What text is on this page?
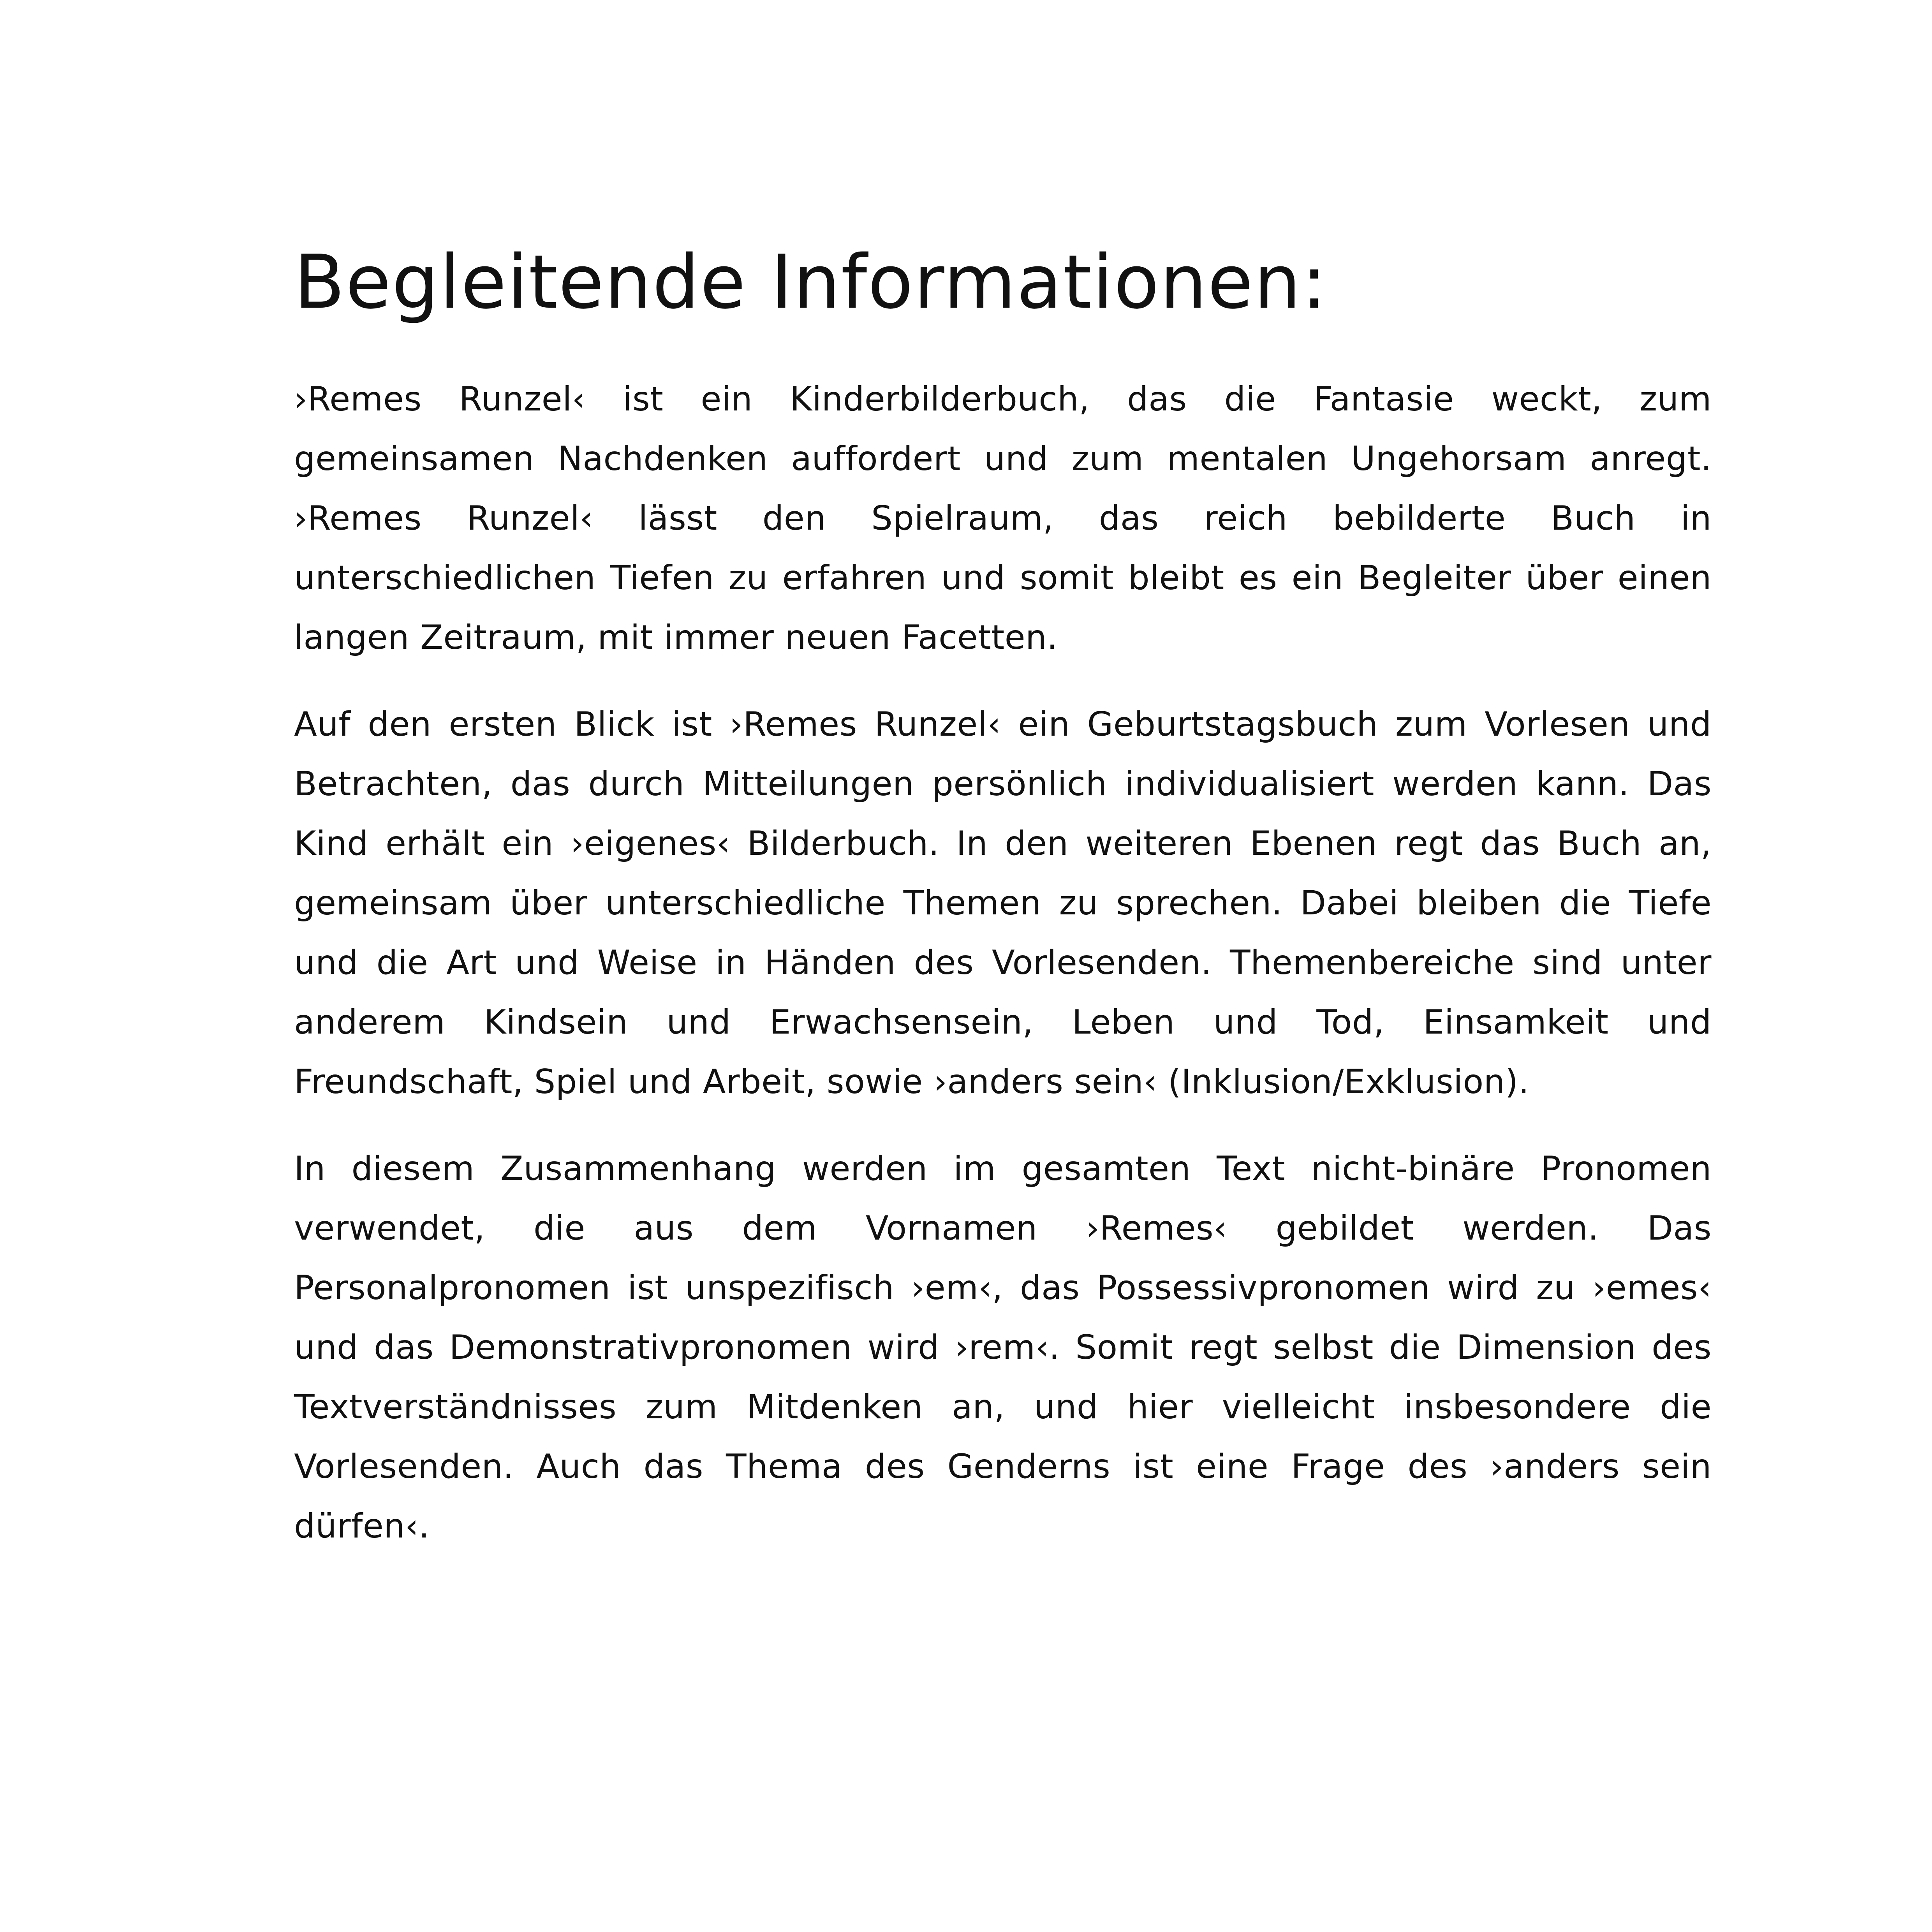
Begleitende Informationen:

›Remes Runzel‹ ist ein Kinderbilderbuch, das die Fantasie weckt, zum gemeinsamen Nachdenken auffordert und zum mentalen Ungehorsam anregt. ›Remes Runzel‹ lässt den Spielraum, das reich bebilderte Buch in unterschiedlichen Tiefen zu erfahren und somit bleibt es ein Begleiter über einen langen Zeitraum, mit immer neuen Facetten.

Auf den ersten Blick ist ›Remes Runzel‹ ein Geburtstagsbuch zum Vorlesen und Betrachten, das durch Mitteilungen persönlich individualisiert werden kann. Das Kind erhält ein ›eigenes‹ Bilderbuch. In den weiteren Ebenen regt das Buch an, gemeinsam über unterschiedliche Themen zu sprechen. Dabei bleiben die Tiefe und die Art und Weise in Händen des Vorlesenden. Themenbereiche sind unter anderem Kindsein und Erwachsensein, Leben und Tod, Einsamkeit und Freundschaft, Spiel und Arbeit, sowie ›anders sein‹ (Inklusion/Exklusion).

In diesem Zusammenhang werden im gesamten Text nicht-binäre Pronomen verwendet, die aus dem Vornamen ›Remes‹ gebildet werden. Das Personalpronomen ist unspezifisch ›em‹, das Possessivpronomen wird zu ›emes‹ und das Demonstrativpronomen wird ›rem‹. Somit regt selbst die Dimension des Textverständnisses zum Mitdenken an, und hier vielleicht insbesondere die Vorlesenden. Auch das Thema des Genderns ist eine Frage des ›anders sein dürfen‹.
